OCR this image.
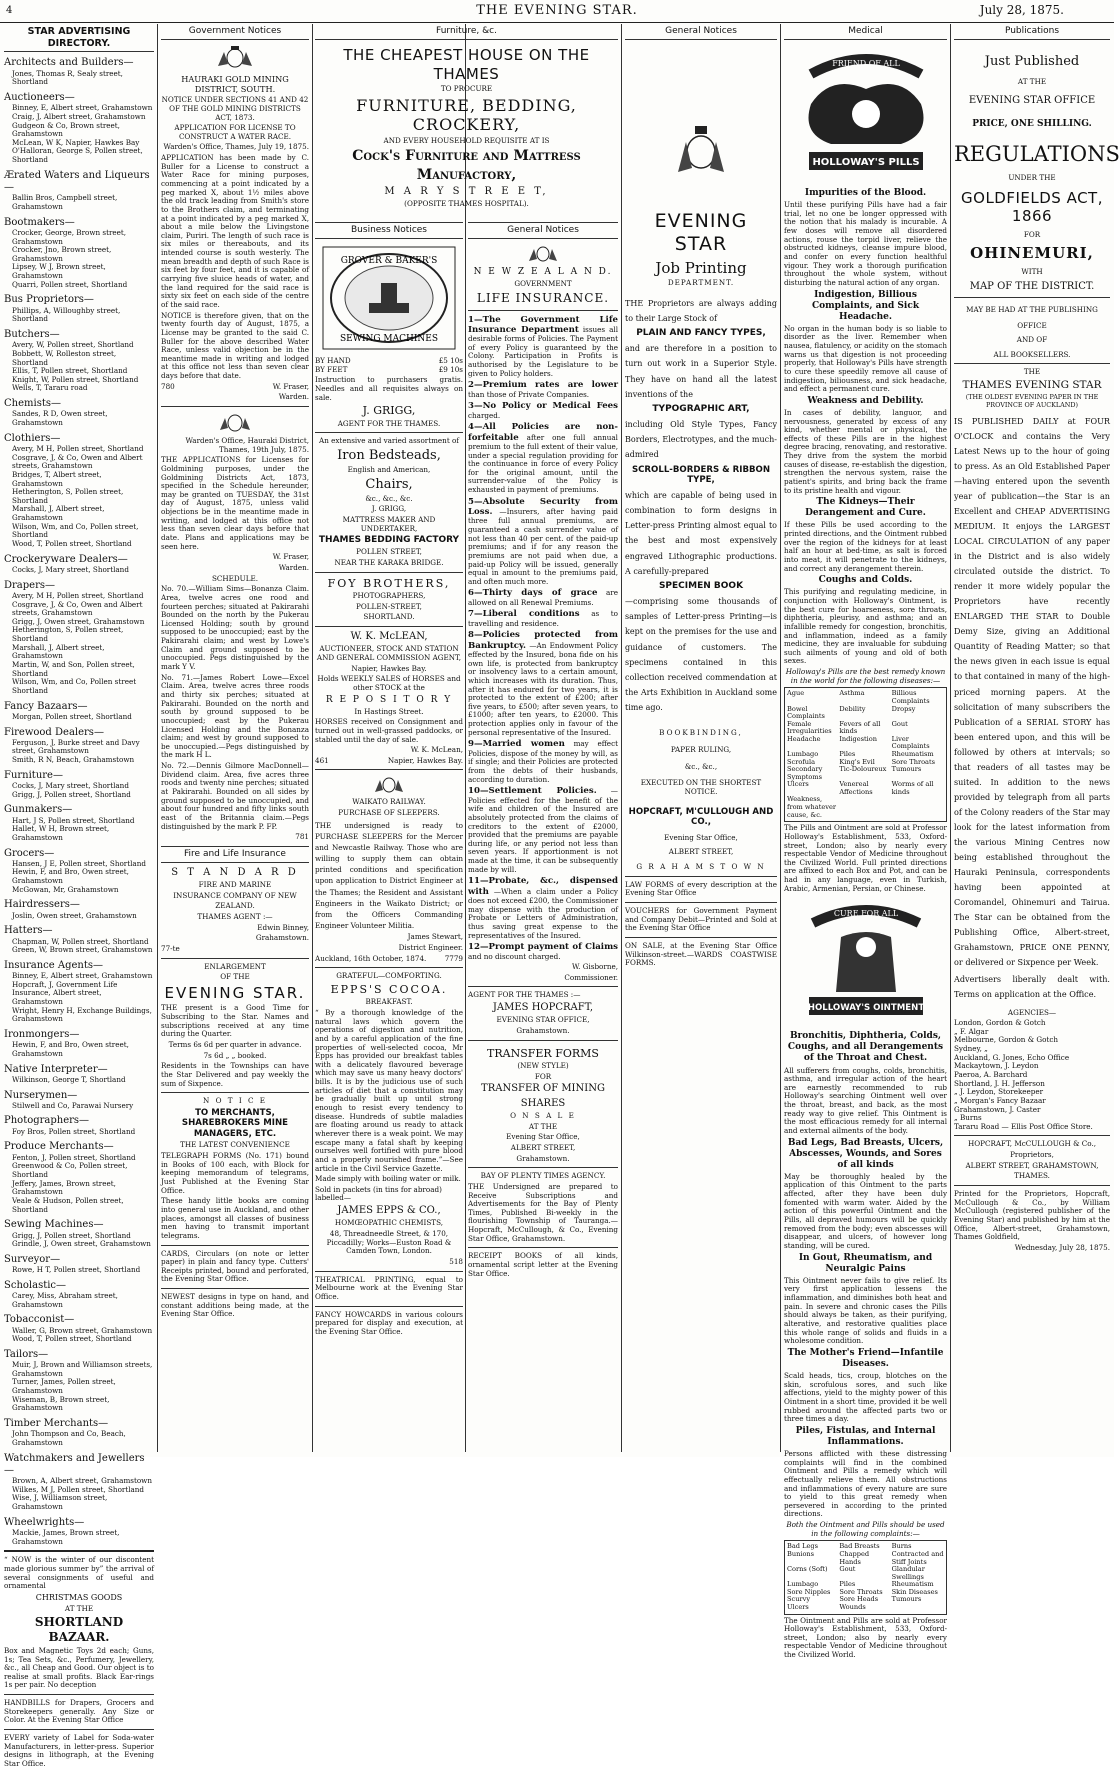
4	THE EVENING STAR.	July 28, 1875.
STAR ADVERTISING DIRECTORY.
Architects and Builders—
Jones, Thomas R, Sealy street, Shortland
Auctioneers—
Binney, E, Albert street, Grahamstown
Craig, J, Albert street, Grahamstown
Gudgeon & Co, Brown street, Grahamstown
McLean, W K, Napier, Hawkes Bay
O'Halloran, George S, Pollen street, Shortland
Ærated Waters and Liqueurs—
Ballin Bros, Campbell street, Grahamstown
Bootmakers—
Crocker, George, Brown street, Grahamstown
Crocker, Jno, Brown street, Grahamstown
Lipsey, W J, Brown street, Grahamstown
Quarri, Pollen street, Shortland
Bus Proprietors—
Phillips, A, Willoughby street, Shortland
Butchers—
Avery, W, Pollen street, Shortland
Bobbett, W, Rolleston street, Shortland
Ellis, T, Pollen street, Shortland
Knight, W, Pollen street, Shortland
Wells, T, Tararu road
Chemists—
Sandes, R D, Owen street, Grahamstown
Clothiers—
Avery, M H, Pollen street, Shortland
Cosgrave, J, & Co, Owen and Albert streets, Grahamstown
Bridges, T, Albert street, Grahamstown
Hetherington, S, Pollen street, Shortland
Marshall, J, Albert street, Grahamstown
Wilson, Wm, and Co, Pollen street, Shortland
Wood, T, Pollen street, Shortland
Crockeryware Dealers—
Cocks, J, Mary street, Shortland
Drapers—
Avery, M H, Pollen street, Shortland
Cosgrave, J, & Co, Owen and Albert streets, Grahamstown
Grigg, J, Owen street, Grahamstown
Hetherington, S, Pollen street, Shortland
Marshall, J, Albert street, Grahamstown
Martin, W, and Son, Pollen street, Shortland
Wilson, Wm, and Co, Pollen street Shortland
Fancy Bazaars—
Morgan, Pollen street, Shortland
Firewood Dealers—
Ferguson, J, Burke street and Davy street, Grahamstown
Smith, R N, Beach, Grahamstown
Furniture—
Cocks, J, Mary street, Shortland
Grigg, J, Pollen street, Shortland
Gunmakers—
Hart, J S, Pollen street, Shortland
Hallet, W H, Brown street, Grahamstown
Grocers—
Hansen, J E, Pollen street, Shortland
Hewin, F, and Bro, Owen street, Grahamstown
McGowan, Mr, Grahamstown
Hairdressers—
Joslin, Owen street, Grahamstown
Hatters—
Chapman, W, Pollen street, Shortland
Green, W, Brown street, Grahamstown
Insurance Agents—
Binney, E, Albert street, Grahamstown
Hopcraft, J, Government Life Insurance, Albert street, Grahamstown
Wright, Henry H, Exchange Buildings, Grahamstown
Ironmongers—
Hewin, F, and Bro, Owen street, Grahamstown
Native Interpreter—
Wilkinson, George T, Shortland
Nurserymen—
Stilwell and Co, Parawai Nursery
Photographers—
Foy Bros, Pollen street, Shortland
Produce Merchants—
Fenton, J, Pollen street, Shortland
Greenwood & Co, Pollen street, Shortland
Jeffery, James, Brown street, Grahamstown
Veale & Hudson, Pollen street, Shortland
Sewing Machines—
Grigg, J, Pollen street, Shortland
Grindle, J, Owen street, Grahamstown
Surveyor—
Rowe, H T, Pollen street, Shortland
Scholastic—
Carey, Miss, Abraham street, Grahamstown
Tobacconist—
Waller, G, Brown street, Grahamstown
Wood, T, Pollen street, Shortland
Tailors—
Muir, J, Brown and Williamson streets, Grahamstown
Turner, James, Pollen street, Grahamstown
Wiseman, B, Brown street, Grahamstown
Timber Merchants—
John Thompson and Co, Beach, Grahamstown
Watchmakers and Jewellers—
Brown, A, Albert street, Grahamstown
Wilkes, M J, Pollen street, Shortland
Wise, J, Williamson street, Grahamstown
Wheelwrights—
Mackie, James, Brown street, Grahamstown

“ NOW is the winter of our discontent made glorious summer by” the arrival of several consignments of useful and ornamental

CHRISTMAS GOODS

AT THE

SHORTLAND BAZAAR.

Box and Magnetic Toys 2d each; Guns, 1s; Tea Sets, &c., Perfumery, Jewellery, &c., all Cheap and Good. Our object is to realise at small profits. Black Ear-rings 1s per pair. No deception

HANDBILLS for Drapers, Grocers and Storekeepers generally. Any Size or Color. At the Evening Star Office

EVERY variety of Label for Soda-water Manufacturers, in letter-press. Superior designs in lithograph, at the Evening Star Office.

Government Notices

HAURAKI GOLD MINING DISTRICT, SOUTH.

NOTICE UNDER SECTIONS 41 AND 42 OF THE GOLD MINING DISTRICTS ACT, 1873.

APPLICATION FOR LICENSE TO CONSTRUCT A WATER RACE.

Warden's Office, Thames, July 19, 1875.

APPLICATION has been made by C. Buller for a License to construct a Water Race for mining purposes, commencing at a point indicated by a peg marked X, about 1½ miles above the old track leading from Smith's store to the Brothers claim, and terminating at a point indicated by a peg marked X, about a mile below the Livingstone claim, Puriri. The length of such race is six miles or thereabouts, and its intended course is south westerly. The mean breadth and depth of such Race is six feet by four feet, and it is capable of carrying five sluice heads of water, and the land required for the said race is sixty six feet on each side of the centre of the said race.

NOTICE is therefore given, that on the twenty fourth day of August, 1875, a License may be granted to the said C. Buller for the above described Water Race, unless valid objection be in the meantime made in writing and lodged at this office not less than seven clear days before that date.

780	W. Fraser,

Warden.

Warden's Office, Hauraki District, Thames, 19th July, 1875.

THE APPLICATIONS for Licenses for Goldmining purposes, under the Goldmining Districts Act, 1873, specified in the Schedule hereunder, may be granted on TUESDAY, the 31st day of August, 1875, unless valid objections be in the meantime made in writing, and lodged at this office not less than seven clear days before that date. Plans and applications may be seen here.

W. Fraser,

Warden.

SCHEDULE.

No. 70.—William Sims—Bonanza Claim. Area, twelve acres one rood and fourteen perches; situated at Pakirarahi Bounded on the north by the Pukerau Licensed Holding; south by ground supposed to be unoccupied; east by the Pakirarahi claim; and west by Lowe's Claim and ground supposed to be unoccupied. Pegs distinguished by the mark Y V.

No. 71.—James Robert Lowe—Excel Claim. Area, twelve acres three roods and thirty six perches; situated at Pakirarahi. Bounded on the north and south by ground supposed to be unoccupied; east by the Pukerau Licensed Holding and the Bonanza claim; and west by ground supposed to be unoccupied.—Pegs distinguished by the mark H L.

No. 72.—Dennis Gilmore MacDonnell—Dividend claim. Area, five acres three roods and twenty nine perches; situated at Pakirarahi. Bounded on all sides by ground supposed to be unoccupied, and about four hundred and fifty links south east of the Britannia claim.—Pegs distinguished by the mark P. FP.

781

Fire and Life Insurance

S T A N D A R D

FIRE AND MARINE

INSURANCE COMPANY OF NEW

ZEALAND.

THAMES AGENT :—

Edwin Binney,

Grahamstown.

77-te

ENLARGEMENT

OF THE

EVENING STAR.

THE present is a Good Time for Subscribing to the Star. Names and subscriptions received at any time during the Quarter.

Terms 6s 6d per quarter in advance.

7s 6d „ „ booked.

Residents in the Townships can have the Star Delivered and pay weekly the sum of Sixpence.

N O T I C E

TO MERCHANTS, SHAREBROKERS MINE MANAGERS, ETC.

THE LATEST CONVENIENCE

TELEGRAPH FORMS (No. 171) bound in Books of 100 each, with Block for keeping memorandum of telegrams, Just Published at the Evening Star Office.

These handy little books are coming into general use in Auckland, and other places, amongst all classes of business men having to transmit important telegrams.

CARDS, Circulars (on note or letter paper) in plain and fancy type. Cutters' Receipts printed, bound and perforated, the Evening Star Office.

NEWEST designs in type on hand, and constant additions being made, at the Evening Star Office.

Furniture, &c.

THE CHEAPEST HOUSE ON THE THAMES

TO PROCURE

FURNITURE, BEDDING, CROCKERY,

AND EVERY HOUSEHOLD REQUISITE AT IS

Cock's Furniture and Mattress

Manufactory,

M A R Y S T R E E T,

(OPPOSITE THAMES HOSPITAL).

Business Notices
GROVER & BAKER'S
SEWING MACHINES
BY HAND	£5 10s
BY FEET	£9 10s

Instruction to purchasers gratis. Needles and all requisites always on sale.

J. GRIGG,

AGENT FOR THE THAMES.

An extensive and varied assortment of

Iron Bedsteads,

English and American,

Chairs,

&c., &c., &c.

J. GRIGG,

MATTRESS MAKER AND UNDERTAKER,

THAMES BEDDING FACTORY

POLLEN STREET,

NEAR THE KARAKA BRIDGE.

FOY BROTHERS,

PHOTOGRAPHERS,

POLLEN-STREET,

SHORTLAND.

W. K. McLEAN,

AUCTIONEER, STOCK AND STATION AND GENERAL COMMISSION AGENT,

Napier, Hawkes Bay.

Holds WEEKLY SALES of HORSES and other STOCK at the

R E P O S I T O R Y

In Hastings Street.

HORSES received on Consignment and turned out in well-grassed paddocks, or stabled until the day of sale.

W. K. McLean,

461	Napier, Hawkes Bay.

WAIKATO RAILWAY.

PURCHASE OF SLEEPERS.

THE undersigned is ready to PURCHASE SLEEPERS for the Mercer and Newcastle Railway. Those who are willing to supply them can obtain printed conditions and specification upon application to District Engineer at the Thames; the Resident and Assistant Engineers in the Waikato District; or from the Officers Commanding Engineer Volunteer Militia.

James Stewart,

District Engineer.

Auckland, 16th October, 1874.	7779

GRATEFUL—COMFORTING.

EPPS'S COCOA.

BREAKFAST.

“ By a thorough knowledge of the natural laws which govern the operations of digestion and nutrition, and by a careful application of the fine properties of well-selected cocoa, Mr Epps has provided our breakfast tables with a delicately flavoured beverage which may save us many heavy doctors' bills. It is by the judicious use of such articles of diet that a constitution may be gradually built up until strong enough to resist every tendency to disease. Hundreds of subtle maladies are floating around us ready to attack wherever there is a weak point. We may escape many a fatal shaft by keeping ourselves well fortified with pure blood and a properly nourished frame.”—See article in the Civil Service Gazette.

Made simply with boiling water or milk.

Sold in packets (in tins for abroad) labelled—

JAMES EPPS & CO.,

HOMŒOPATHIC CHEMISTS,

48, Threadneedle Street, & 170, Piccadilly; Works—Euston Road & Camden Town, London.

518

THEATRICAL PRINTING, equal to Melbourne work at the Evening Star Office.

FANCY HOWCARDS in various colours prepared for display and execution, at the Evening Star Office.

General Notices

N E W Z E A L A N D.

GOVERNMENT

LIFE INSURANCE.

1—The Government Life Insurance Department issues all desirable forms of Policies. The Payment of every Policy is guaranteed by the Colony. Participation in Profits is authorised by the Legislature to be given to Policy holders.

2—Premium rates are lower than those of Private Companies.

3—No Policy or Medical Fees charged.

4—All Policies are non-forfeitable after one full annual premium to the full extent of their value, under a special regulation providing for the continuance in force of every Policy for the original amount, until the surrender-value of the Policy is exhausted in payment of premiums.

5—Absolute Security from Loss. —Insurers, after having paid three full annual premiums, are guaranteed a cash surrender value of not less than 40 per cent. of the paid-up premiums; and if for any reason the premiums are not paid when due, a paid-up Policy will be issued, generally equal in amount to the premiums paid, and often much more.

6—Thirty days of grace are allowed on all Renewal Premiums.

7—Liberal conditions as to travelling and residence.

8—Policies protected from Bankruptcy. —An Endowment Policy effected by the Insured, bona fide on his own life, is protected from bankruptcy or insolvency laws to a certain amount, which increases with its duration. Thus, after it has endured for two years, it is protected to the extent of £200; after five years, to £500; after seven years, to £1000; after ten years, to £2000. This protection applies only in favour of the personal representative of the Insured.

9—Married women may effect Policies, dispose of the money by will, as if single; and their Policies are protected from the debts of their husbands, according to duration.

10—Settlement Policies. —Policies effected for the benefit of the wife and children of the Insured are absolutely protected from the claims of creditors to the extent of £2000, provided that the premiums are payable during life, or any period not less than seven years. If apportionment is not made at the time, it can be subsequently made by will.

11—Probate, &c., dispensed with —When a claim under a Policy does not exceed £200, the Commissioner may dispense with the production of Probate or Letters of Administration, thus saving great expense to the representatives of the Insured.

12—Prompt payment of Claims and no discount charged.

W. Gisborne,

Commissioner.

AGENT FOR THE THAMES :—

JAMES HOPCRAFT,

EVENING STAR OFFICE,

Grahamstown.

TRANSFER FORMS

(NEW STYLE)

FOR

TRANSFER OF MINING

SHARES

O N S A L E

AT THE

Evening Star Office,

ALBERT STREET,

Grahamstown.

BAY OF PLENTY TIMES AGENCY.

THE Undersigned are prepared to Receive Subscriptions and Advertisements for the Bay of Plenty Times, Published Bi-weekly in the flourishing Township of Tauranga.—Hopcraft, McCullough, & Co., Evening Star Office, Grahamstown.

RECEIPT BOOKS of all kinds, ornamental script letter at the Evening Star Office.

General Notices

EVENING STAR

Job Printing

DEPARTMENT.

THE Proprietors are always adding to their Large Stock of

PLAIN AND FANCY TYPES,

and are therefore in a position to turn out work in a Superior Style. They have on hand all the latest inventions of the

TYPOGRAPHIC ART,

including Old Style Types, Fancy Borders, Electrotypes, and the much-admired

SCROLL-BORDERS & RIBBON TYPE,

which are capable of being used in combination to form designs in Letter-press Printing almost equal to the best and most expensively engraved Lithographic productions. A carefully-prepared

SPECIMEN BOOK

—comprising some thousands of samples of Letter-press Printing—is kept on the premises for the use and guidance of customers. The specimens contained in this collection received commendation at the Arts Exhibition in Auckland some time ago.

BOOKBINDING,

PAPER RULING,

&c., &c.,

EXECUTED ON THE SHORTEST NOTICE.

HOPCRAFT, M'CULLOUGH AND CO.,

Evening Star Office,

ALBERT STREET,

G R A H A M S T O W N

LAW FORMS of every description at the Evening Star Office

VOUCHERS for Government Payment and Company Debit—Printed and Sold at the Evening Star Office

ON SALE, at the Evening Star Office Wilkinson-street.—WARDS COASTWISE FORMS.

Medical
FRIEND OF ALL
HOLLOWAY'S PILLS

Impurities of the Blood.

Until these purifying Pills have had a fair trial, let no one be longer oppressed with the notion that his malady is incurable. A few doses will remove all disordered actions, rouse the torpid liver, relieve the obstructed kidneys, cleanse impure blood, and confer on every function healthful vigour. They work a thorough purification throughout the whole system, without disturbing the natural action of any organ.

Indigestion, Billious Complaints, and Sick Headache.

No organ in the human body is so liable to disorder as the liver. Remember when nausea, flatulency, or acidity on the stomach warns us that digestion is not proceeding properly, that Holloway's Pills have strength to cure these speedily remove all cause of indigestion, biliousness, and sick headache, and effect a permanent cure.

Weakness and Debility.

In cases of debility, languor, and nervousness, generated by excess of any kind, whether mental or physical, the effects of these Pills are in the highest degree bracing, renovating, and restorative. They drive from the system the morbid causes of disease, re-establish the digestion, strengthen the nervous system, raise the patient's spirits, and bring back the frame to its pristine health and vigour.

The Kidneys—Their Derangement and Cure.

If these Pills be used according to the printed directions, and the Ointment rubbed over the region of the kidneys for at least half an hour at bed-time, as salt is forced into meat, it will penetrate to the kidneys, and correct any derangement therein.

Coughs and Colds.

This purifying and regulating medicine, in conjunction with Holloway's Ointment, is the best cure for hoarseness, sore throats, diphtheria, pleurisy, and asthma; and an infallible remedy for congestion, bronchitis, and inflammation, indeed as a family medicine, they are invaluable for subduing such ailments of young and old of both sexes.

Holloway's Pills are the best remedy known in the world for the following diseases:—

Ague	Asthma	Billious Complaints
Bowel Complaints
Debility	Dropsy
Female Irregularities
Fevers of all kinds
Gout
Headache	Indigestion	Liver Complaints
Lumbago	Piles	Rheumatism
Scrofula	King's Evil	Sore Throats
Secondary Symptoms
Tic-Doloureux Tumours
Ulcers	Venereal Affections
Worms of all kinds
Weakness, from whatever cause, &c.

The Pills and Ointment are sold at Professor Holloway's Establishment, 533, Oxford-street, London; also by nearly every respectable Vendor of Medicine throughout the Civilized World. Full printed directions are affixed to each Box and Pot, and can be had in any language, even in Turkish, Arabic, Armenian, Persian, or Chinese.

CURE FOR ALL
HOLLOWAY'S OINTMENT

Bronchitis, Diphtheria, Colds, Coughs, and all Derangements of the Throat and Chest.

All sufferers from coughs, colds, bronchitis, asthma, and irregular action of the heart are earnestly recommended to rub Holloway's searching Ointment well over the throat, breast, and back, as the most ready way to give relief. This Ointment is the most efficacious remedy for all internal and external ailments of the body.

Bad Legs, Bad Breasts, Ulcers, Abscesses, Wounds, and Sores of all kinds

May be thoroughly healed by the application of this Ointment to the parts affected, after they have been duly fomented with warm water. Aided by the action of this powerful Ointment and the Pills, all depraved humours will be quickly removed from the body; even abscesses will disappear, and ulcers, of however long standing, will be cured.

In Gout, Rheumatism, and Neuralgic Pains

This Ointment never fails to give relief. Its very first application lessens the inflammation, and diminishes both heat and pain. In severe and chronic cases the Pills should always be taken, as their purifying, alterative, and restorative qualities place this whole range of solids and fluids in a wholesome condition.

The Mother's Friend—Infantile Diseases.

Scald heads, tics, croup, blotches on the skin, scrofulous sores, and such like affections, yield to the mighty power of this Ointment in a short time, provided it be well rubbed around the affected parts two or three times a day.

Piles, Fistulas, and Internal Inflammations.

Persons afflicted with these distressing complaints will find in the combined Ointment and Pills a remedy which will effectually relieve them. All obstructions and inflammations of every nature are sure to yield to this great remedy when persevered in according to the printed directions.

Both the Ointment and Pills should be used in the following complaints:—

Bad Legs	Bad Breasts	Burns
Bunions	Chapped Hands
Contracted and Stiff Joints
Corns (Soft)	Gout	Glandular Swellings
Lumbago	Piles	Rheumatism
Sore Nipples	Sore Throats	Skin Diseases
Scurvy	Sore Heads	Tumours
Ulcers	Wounds

The Ointment and Pills are sold at Professor Holloway's Establishment, 533, Oxford-street, London; also by nearly every respectable Vendor of Medicine throughout the Civilized World.

Publications

Just Published

AT THE

EVENING STAR OFFICE

PRICE, ONE SHILLING.

REGULATIONS

UNDER THE

GOLDFIELDS ACT, 1866

FOR

OHINEMURI,

WITH

MAP OF THE DISTRICT.

MAY BE HAD AT THE PUBLISHING OFFICE

AND OF

ALL BOOKSELLERS.

THE

THAMES EVENING STAR

(THE OLDEST EVENING PAPER IN THE PROVINCE OF AUCKLAND)

IS PUBLISHED DAILY at FOUR O'CLOCK and contains the Very Latest News up to the hour of going to press. As an Old Established Paper—having entered upon the seventh year of publication—the Star is an Excellent and CHEAP ADVERTISING MEDIUM. It enjoys the LARGEST LOCAL CIRCULATION of any paper in the District and is also widely circulated outside the district. To render it more widely popular the Proprietors have recently ENLARGED THE STAR to Double Demy Size, giving an Additional Quantity of Reading Matter; so that the news given in each issue is equal to that contained in many of the high-priced morning papers. At the solicitation of many subscribers the Publication of a SERIAL STORY has been entered upon, and this will be followed by others at intervals; so that readers of all tastes may be suited. In addition to the news provided by telegraph from all parts of the Colony readers of the Star may look for the latest information from the various Mining Centres now being established throughout the Hauraki Peninsula, correspondents having been appointed at Coromandel, Ohinemuri and Tairua. The Star can be obtained from the Publishing Office, Albert-street, Grahamstown, PRICE ONE PENNY, or delivered or Sixpence per Week.

Advertisers liberally dealt with. Terms on application at the Office.

AGENCIES—

London, Gordon & Gotch
„ F. Algar
Melbourne, Gordon & Gotch
Sydney, „
Auckland, G. Jones, Echo Office
Mackaytown, J. Leydon
Paeroa, A. Barchard
Shortland, J. H. Jefferson
„ J. Leydon, Storekeeper
„ Morgan's Fancy Bazaar
Grahamstown, J. Caster
„ Burns
Tararu Road — Ellis Post Office Store.

HOPCRAFT, McCULLOUGH & Co.,

Proprietors,

ALBERT STREET, GRAHAMSTOWN,

THAMES.

Printed for the Proprietors, Hopcraft, McCullough & Co., by William McCullough (registered publisher of the Evening Star) and published by him at the Office, Albert-street, Grahamstown, Thames Goldfield,

Wednesday, July 28, 1875.
